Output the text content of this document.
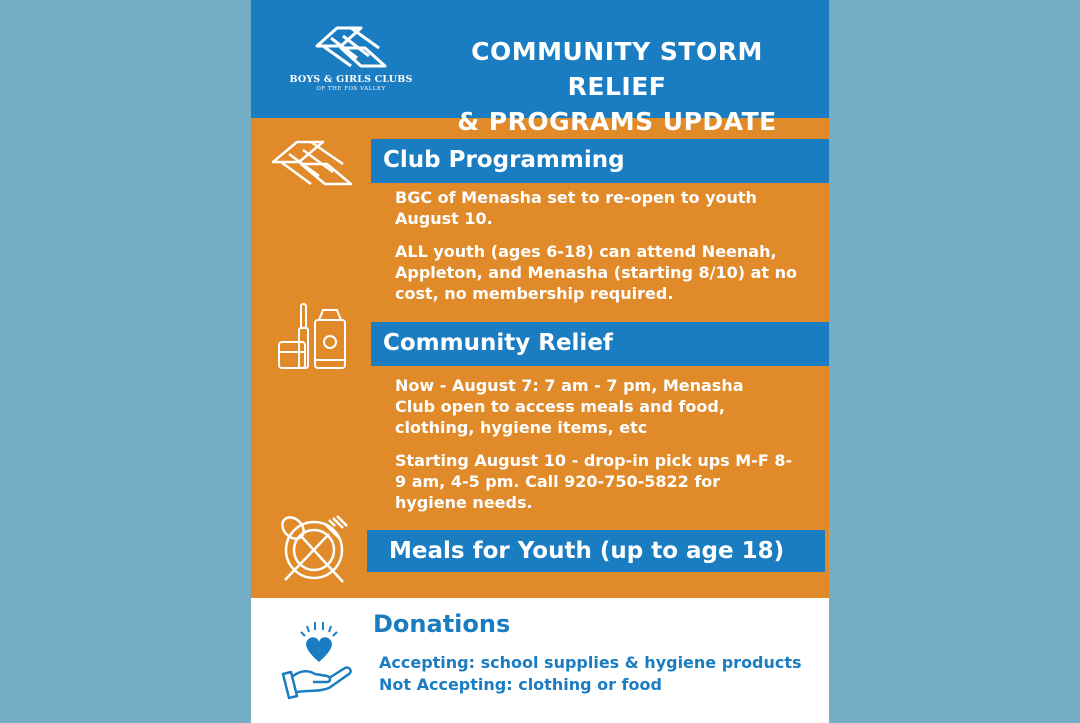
BOYS & GIRLS CLUBS
OF THE FOX VALLEY
COMMUNITY STORM RELIEF
& PROGRAMS UPDATE
Club Programming

BGC of Menasha set to re-open to youth August 10.

ALL youth (ages 6-18) can attend Neenah, Appleton, and Menasha (starting 8/10) at no cost, no membership required.

Community Relief

Now - August 7: 7 am - 7 pm, Menasha Club open to access meals and food, clothing, hygiene items, etc

Starting August 10 - drop-in pick ups M-F 8-9 am, 4-5 pm. Call 920-750-5822 for hygiene needs.

Meals for Youth (up to age 18)
Donations
Accepting: school supplies & hygiene products
Not Accepting: clothing or food
